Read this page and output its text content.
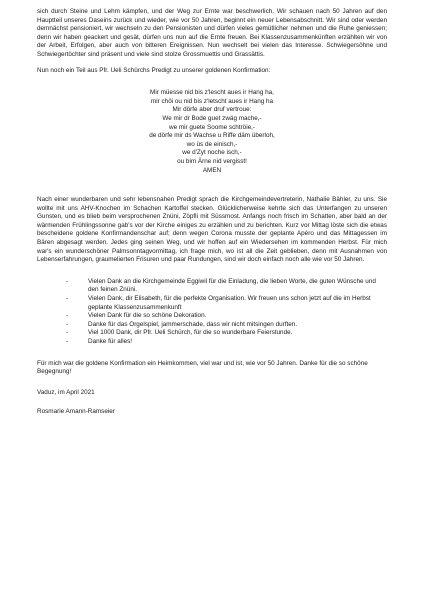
sich durch Steine und Lehm kämpfen, und der Weg zur Ernte war beschwerlich. Wir schauen nach 50 Jahren auf den Hauptteil unseres Daseins zurück und wieder, wie vor 50 Jahren, beginnt ein neuer Lebensabschnitt. Wir sind oder werden demnächst pensioniert, wir wechseln zu den Pensionisten und dürfen vieles gemütlicher nehmen und die Ruhe geniessen; denn wir haben geackert und gesät, dürfen uns nun auf die Ernte freuen. Bei Klassenzusammenkünften erzählten wir von der Arbeit, Erfolgen, aber auch von bitteren Ereignissen. Nun wechselt bei vielen das Interesse. Schwiegersöhne und Schwiegertöchter sind präsent und viele sind stolze Grossmuettis und Grassättis.

Nun noch ein Teil aus Pfr. Ueli Schürchs Predigt zu unserer goldenen Konfirmation:

Mir müesse nid bis z'lescht aues ir Hang ha,
mir chöi ou nid bis z'letscht aues ir Hang ha
Mir dörfe aber druf vertroue:
We mir dr Bode guet zwäg mache,-
we mir guete Soome schtröie,-
de dörfe mir ds Wachse u Riffe däm überloh,
wo üs de einisch,-
we d'Zyt noche isch,-
ou bim Ärne nid vergisst!
AMEN

Nach einer wunderbaren und sehr lebensnahen Predigt sprach die Kirchgemeindevertreterin, Nathalie Bähler, zu uns. Sie wollte mit uns AHV-Knochen im Schachen Kartoffel stecken. Glücklicherweise kehrte sich das Unterfangen zu unseren Gunsten, und es blieb beim versprochenen Znüni, Zöpfli mit Süssmost. Anfangs noch frisch im Schatten, aber bald an der wärmenden Frühlingssonne gab's vor der Kirche einiges zu erzählen und zu berichten. Kurz vor Mittag löste sich die etwas bescheidene goldene Konfirmandenschar auf; denn wegen Corona musste der geplante Apéro und das Mittagessen im Bären abgesagt werden. Jedes ging seinen Weg, und wir hoffen auf ein Wiedersehen im kommenden Herbst. Für mich war's ein wunderschöner Palmsonntagvormittag, ich frage mich, wo ist all die Zeit geblieben, denn mit Ausnahmen von Lebenserfahrungen, graumelierten Frisuren und paar Rundungen, sind wir doch einfach noch alle wie vor 50 Jahren.

- Vielen Dank an die Kirchgemeinde Eggiwil für die Einladung, die lieben Worte, die guten Wünsche und den feinen Znüni.
- Vielen Dank, dir Elisabeth, für die perfekte Organisation. Wir freuen uns schon jetzt auf die im Herbst geplante Klassenzusammenkunft
- Vielen Dank für die so schöne Dekoration.
- Danke für das Orgelspiel, jammerschade, dass wir nicht mitsingen durften.
- Viel 1000 Dank, dir Pfr. Ueli Schürch, für die so wunderbare Feierstunde.
- Danke für alles!

Für mich war die goldene Konfirmation ein Heimkommen, viel war und ist, wie vor 50 Jahren. Danke für die so schöne Begegnung!

Vaduz, im April 2021

Rosmarie Amann-Ramseier
